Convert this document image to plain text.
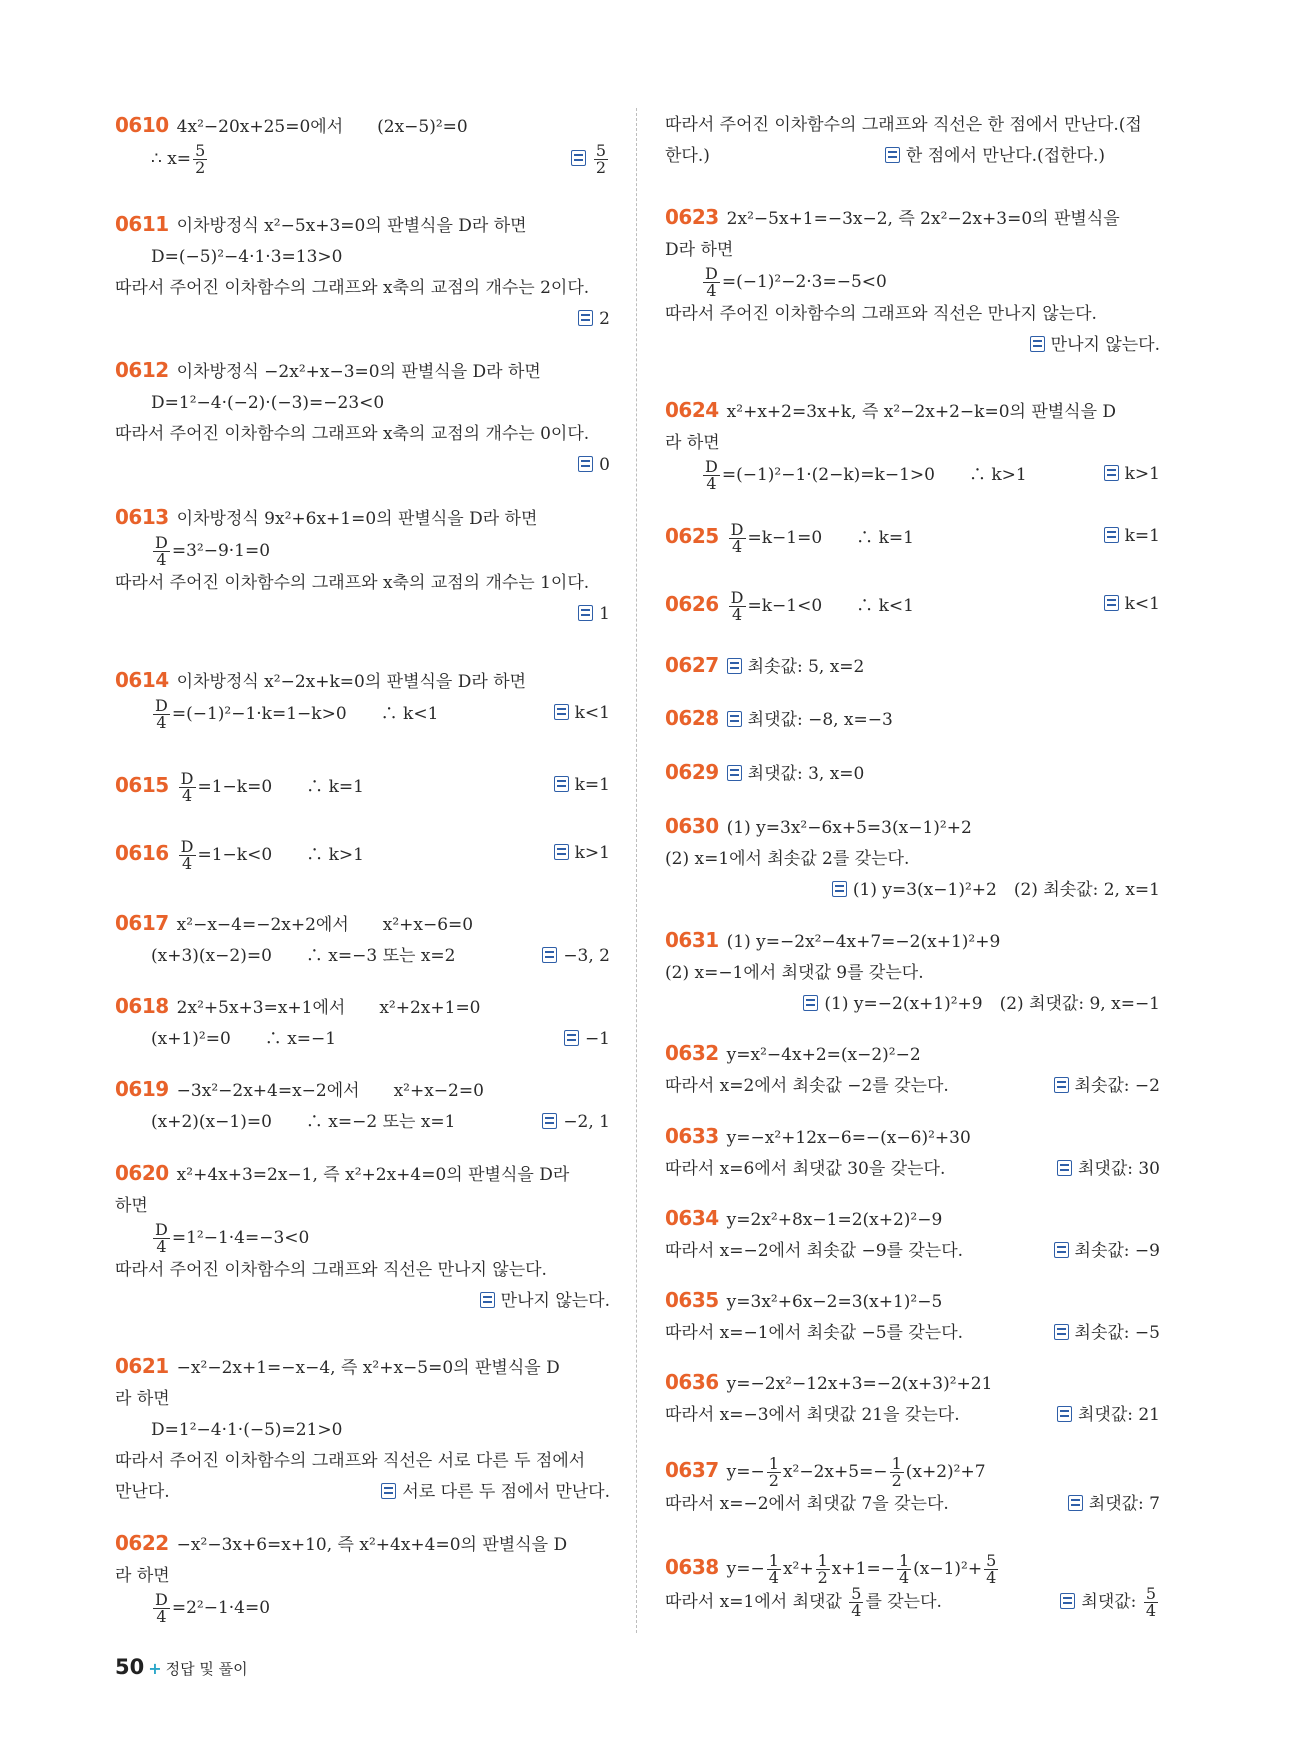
0610 4x²−20x+25=0에서　　(2x−5)²=0
$\frac{5}{2}$
∴ $x= \frac{5}{2}$
0611 이차방정식 x²−5x+3=0의 판별식을 D라 하면
D=(−5)²−4·1·3=13>0
따라서 주어진 이차함수의 그래프와 x축의 교점의 개수는 2이다.
2
0612 이차방정식 −2x²+x−3=0의 판별식을 D라 하면
D=1²−4·(−2)·(−3)=−23<0
따라서 주어진 이차함수의 그래프와 x축의 교점의 개수는 0이다.
0
0613 이차방정식 9x²+6x+1=0의 판별식을 D라 하면
$\frac{D}{4} =3^2-9\cdot 1=0$
따라서 주어진 이차함수의 그래프와 x축의 교점의 개수는 1이다.
1
0614 이차방정식 x²−2x+k=0의 판별식을 D라 하면
k<1
$\frac{D}{4} =(-1)^2-1\cdot k=1-k>0$　　∴ k<1
0615	k=1
$\frac{D}{4} =1-k=0$　　∴ k=1
0616	k>1
$\frac{D}{4} =1-k<0$　　∴ k>1
0617 x²−x−4=−2x+2에서　　x²+x−6=0
−3, 2
(x+3)(x−2)=0　　∴ x=−3 또는 x=2
0618 2x²+5x+3=x+1에서　　x²+2x+1=0
−1
(x+1)²=0　　∴ x=−1
0619 −3x²−2x+4=x−2에서　　x²+x−2=0
−2, 1
(x+2)(x−1)=0　　∴ x=−2 또는 x=1
0620 x²+4x+3=2x−1, 즉 x²+2x+4=0의 판별식을 D라
하면
$\frac{D}{4} =1^2-1\cdot 4=-3<0$
따라서 주어진 이차함수의 그래프와 직선은 만나지 않는다.
만나지 않는다.
0621 −x²−2x+1=−x−4, 즉 x²+x−5=0의 판별식을 D
라 하면
D=1²−4·1·(−5)=21>0
따라서 주어진 이차함수의 그래프와 직선은 서로 다른 두 점에서
서로 다른 두 점에서 만난다.
만난다.
0622 −x²−3x+6=x+10, 즉 x²+4x+4=0의 판별식을 D
라 하면
$\frac{D}{4} =2^2-1\cdot 4=0$
따라서 주어진 이차함수의 그래프와 직선은 한 점에서 만난다.(접
한다.)	한 점에서 만난다.(접한다.)
0623 2x²−5x+1=−3x−2, 즉 2x²−2x+3=0의 판별식을
D라 하면
$\frac{D}{4} =(-1)^2-2\cdot 3=-5<0$
따라서 주어진 이차함수의 그래프와 직선은 만나지 않는다.
만나지 않는다.
0624 x²+x+2=3x+k, 즉 x²−2x+2−k=0의 판별식을 D
라 하면
k>1
$\frac{D}{4} =(-1)^2-1\cdot(2-k)=k-1>0$　　∴ k>1
0625	k=1
$\frac{D}{4} =k-1=0$　　∴ k=1
0626	k<1
$\frac{D}{4} =k-1<0$　　∴ k<1
0627 최솟값: 5, x=2
0628 최댓값: −8, x=−3
0629 최댓값: 3, x=0
0630 (1) y=3x²−6x+5=3(x−1)²+2
(2) x=1에서 최솟값 2를 갖는다.
(1) y=3(x−1)²+2　(2) 최솟값: 2, x=1
0631 (1) y=−2x²−4x+7=−2(x+1)²+9
(2) x=−1에서 최댓값 9를 갖는다.
(1) y=−2(x+1)²+9　(2) 최댓값: 9, x=−1
0632 y=x²−4x+2=(x−2)²−2
최솟값: −2
따라서 x=2에서 최솟값 −2를 갖는다.
0633 y=−x²+12x−6=−(x−6)²+30
최댓값: 30
따라서 x=6에서 최댓값 30을 갖는다.
0634 y=2x²+8x−1=2(x+2)²−9
최솟값: −9
따라서 x=−2에서 최솟값 −9를 갖는다.
0635 y=3x²+6x−2=3(x+1)²−5
최솟값: −5
따라서 x=−1에서 최솟값 −5를 갖는다.
0636 y=−2x²−12x+3=−2(x+3)²+21
최댓값: 21
따라서 x=−3에서 최댓값 21을 갖는다.
0637 $y=- \frac{1}{2} x^2-2x+5=- \frac{1}{2} (x+2)^2+7$
최댓값: 7
따라서 x=−2에서 최댓값 7을 갖는다.
0638 $y=- \frac{1}{4} x^2+ \frac{1}{2} x+1=- \frac{1}{4} (x-1)^2+ \frac{5}{4}$
최댓값: $\frac{5}{4}$
따라서 x=1에서 최댓값 $\frac{5}{4}$ 를 갖는다.
50 + 정답 및 풀이
